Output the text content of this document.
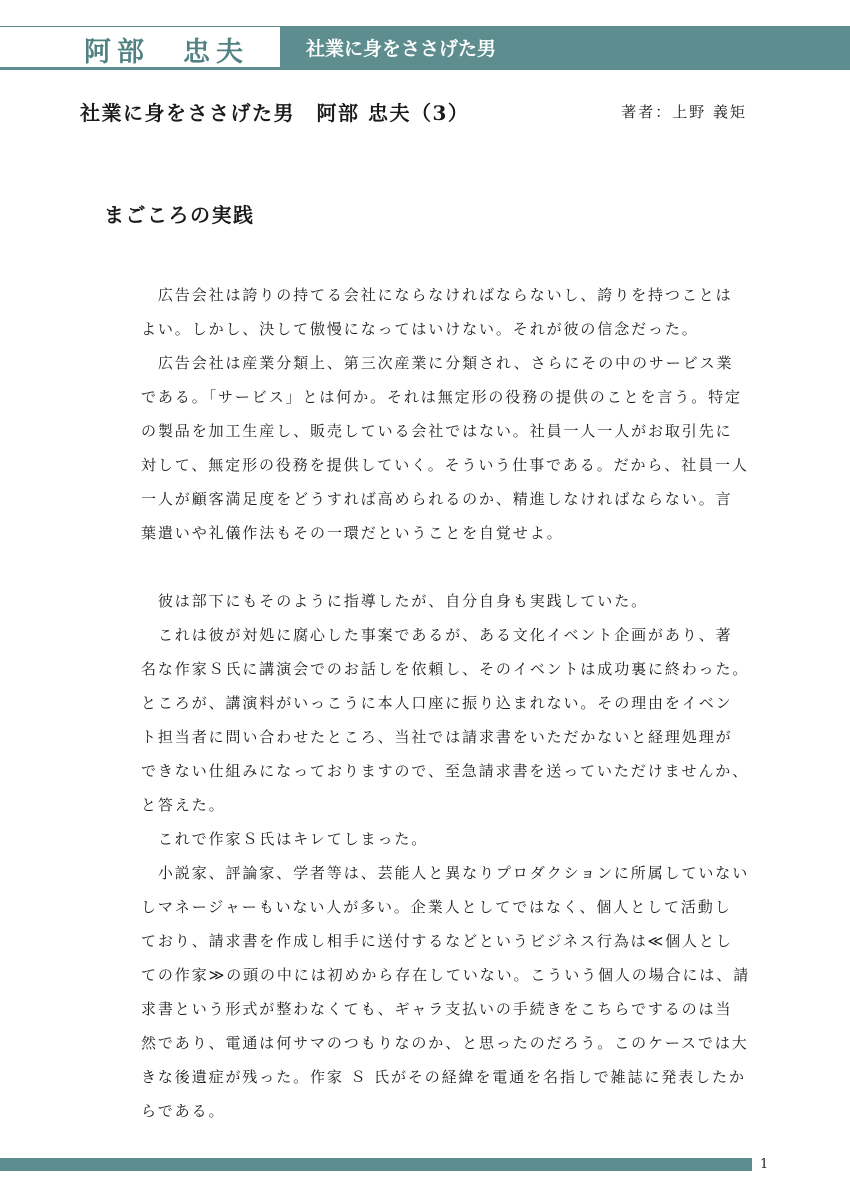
阿部　忠夫	社業に身をささげた男
社業に身をささげた男　阿部 忠夫（3）	著者：上野 義矩
まごころの実践

　広告会社は誇りの持てる会社にならなければならないし、誇りを持つことは
よい。しかし、決して傲慢になってはいけない。それが彼の信念だった。

　広告会社は産業分類上、第三次産業に分類され、さらにその中のサービス業
である。「サービス」とは何か。それは無定形の役務の提供のことを言う。特定
の製品を加工生産し、販売している会社ではない。社員一人一人がお取引先に
対して、無定形の役務を提供していく。そういう仕事である。だから、社員一人
一人が顧客満足度をどうすれば高められるのか、精進しなければならない。言
葉遣いや礼儀作法もその一環だということを自覚せよ。

　彼は部下にもそのように指導したが、自分自身も実践していた。

　これは彼が対処に腐心した事案であるが、ある文化イベント企画があり、著
名な作家Ｓ氏に講演会でのお話しを依頼し、そのイベントは成功裏に終わった。
ところが、講演料がいっこうに本人口座に振り込まれない。その理由をイベン
ト担当者に問い合わせたところ、当社では請求書をいただかないと経理処理が
できない仕組みになっておりますので、至急請求書を送っていただけませんか、
と答えた。

　これで作家Ｓ氏はキレてしまった。

　小説家、評論家、学者等は、芸能人と異なりプロダクションに所属していない
しマネージャーもいない人が多い。企業人としてではなく、個人として活動し
ており、請求書を作成し相手に送付するなどというビジネス行為は≪個人とし
ての作家≫の頭の中には初めから存在していない。こういう個人の場合には、請
求書という形式が整わなくても、ギャラ支払いの手続きをこちらでするのは当
然であり、電通は何サマのつもりなのか、と思ったのだろう。このケースでは大
きな後遺症が残った。作家 Ｓ 氏がその経緯を電通を名指しで雑誌に発表したか
らである。

1
